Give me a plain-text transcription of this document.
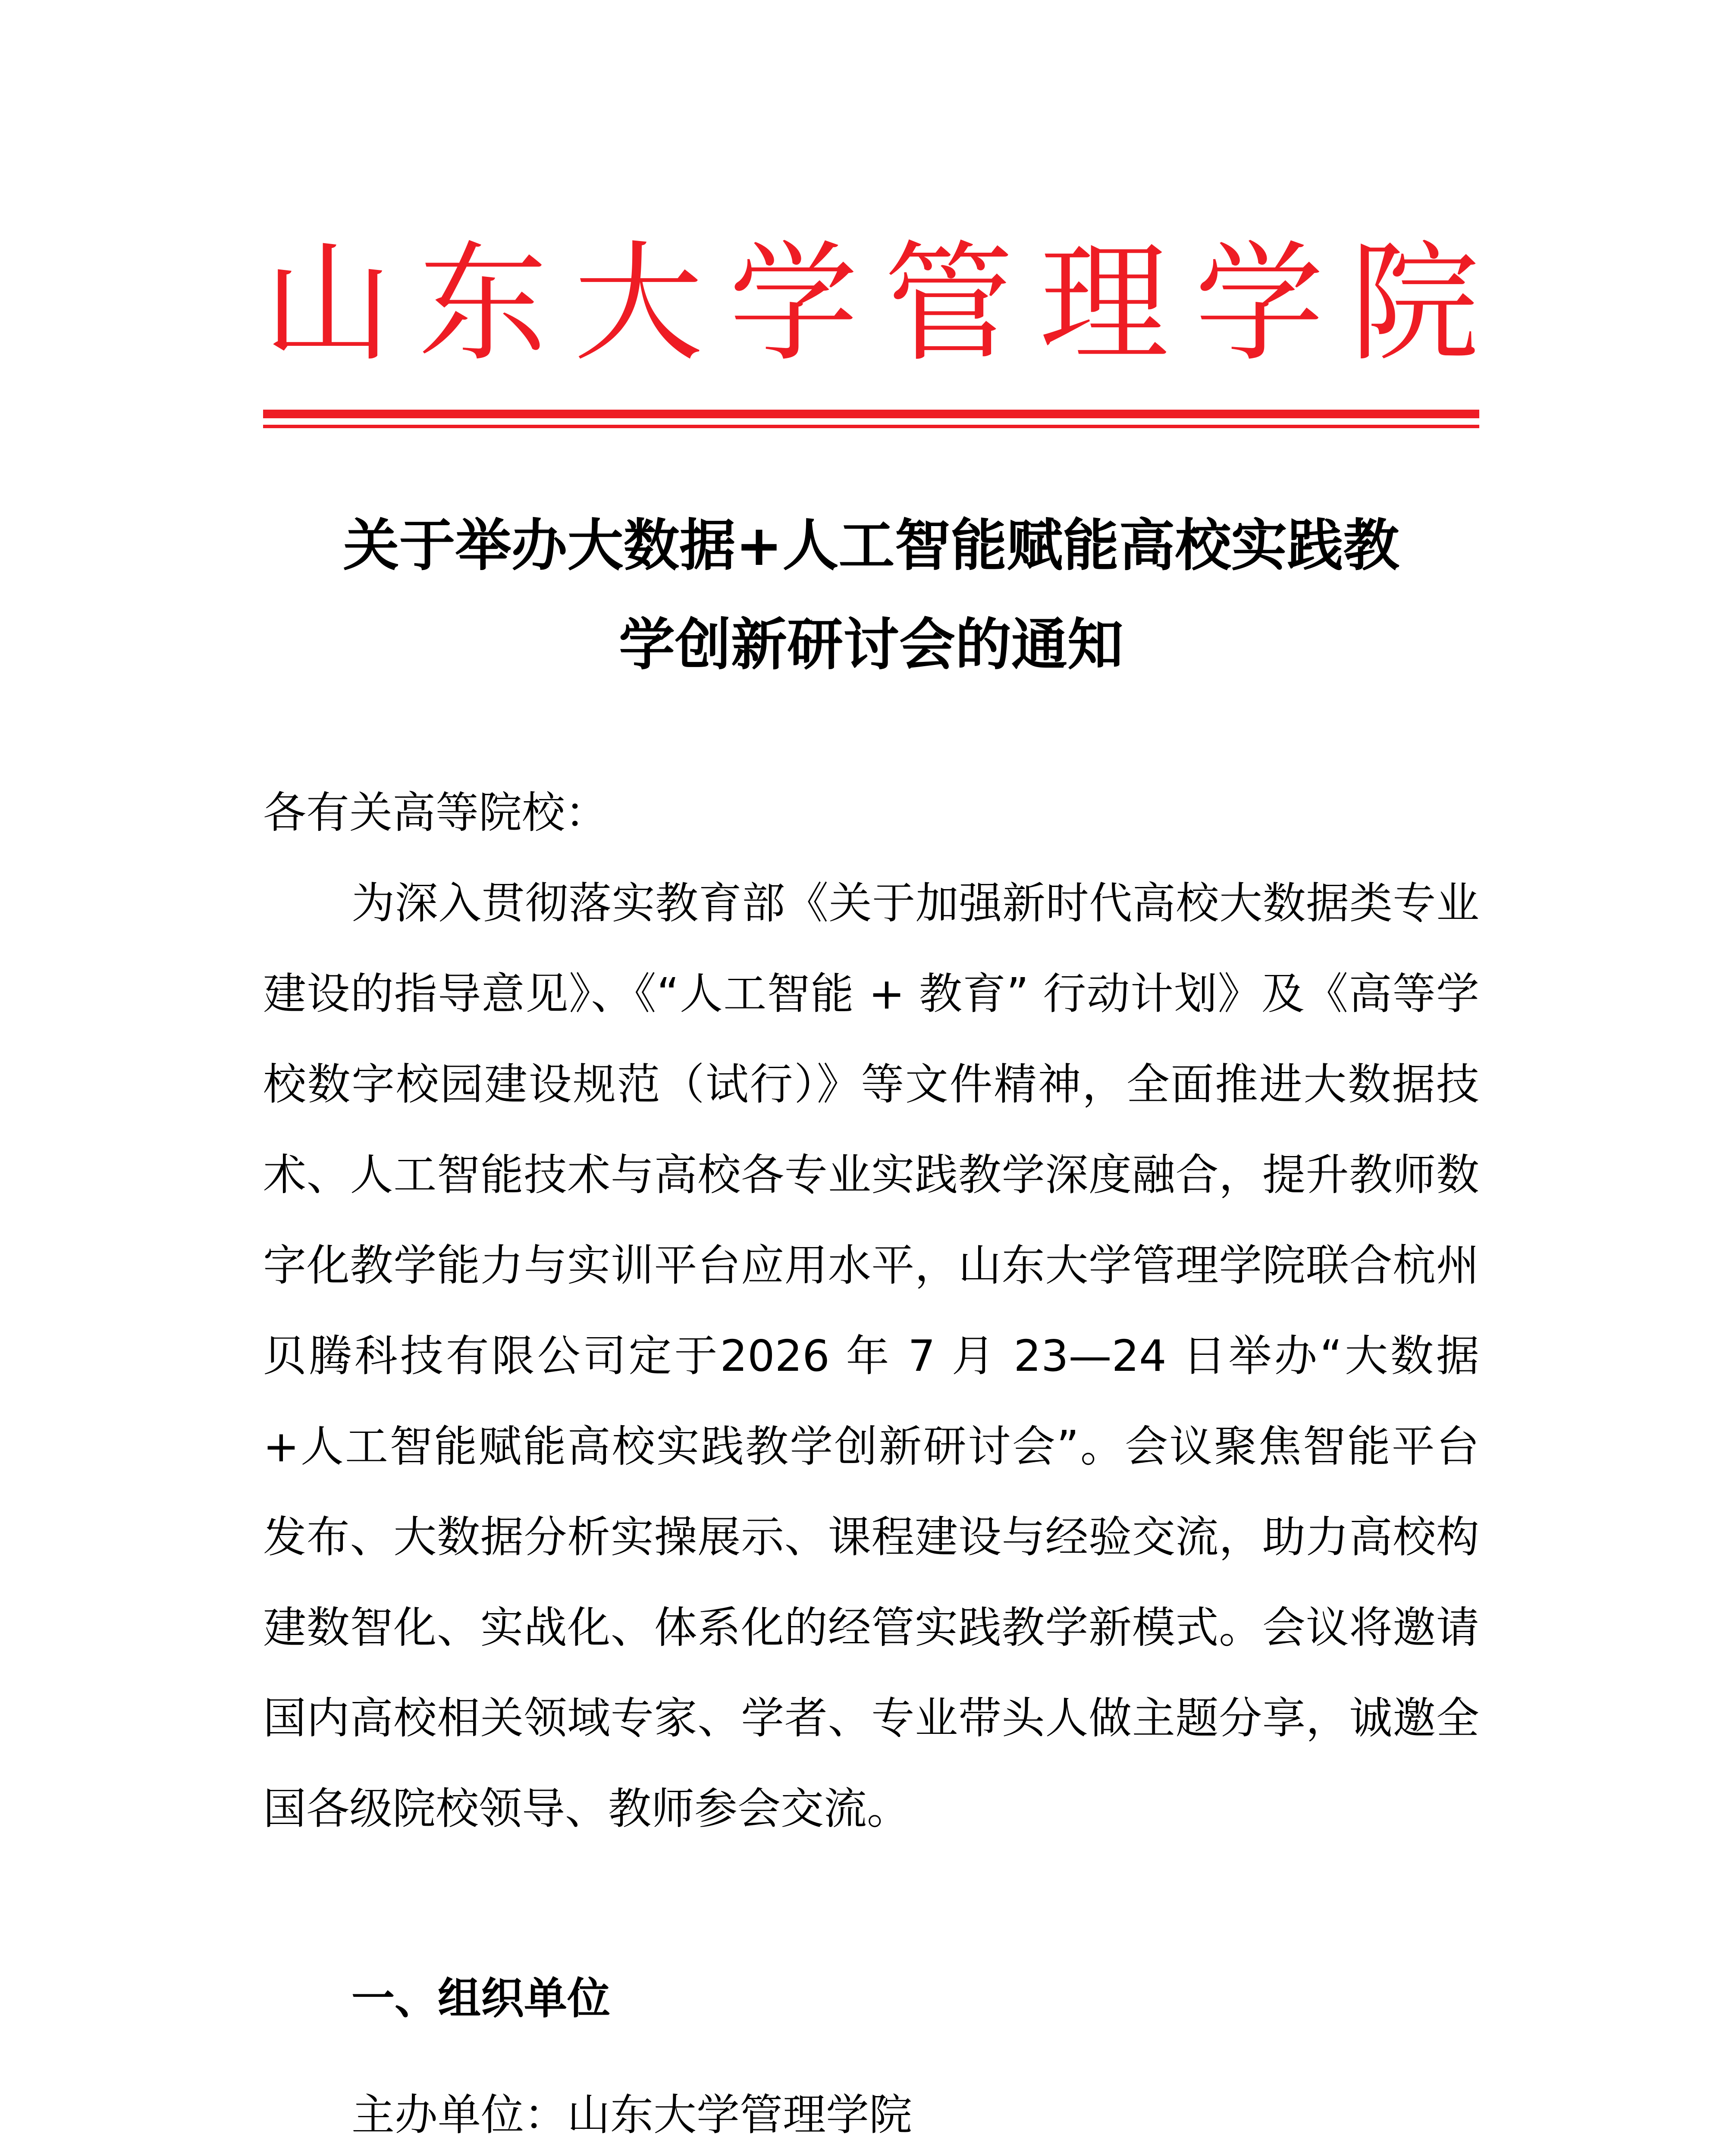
山 东 大 学 管 理 学 院
关于举办大数据+人工智能赋能高校实践教
学创新研讨会的通知

各有关高等院校：

为深入贯彻落实教育部《关于加强新时代高校大数据类专业建设的指导意见》、《“人工智能 + 教育” 行动计划》及《高等学校数字校园建设规范（试行）》等文件精神，全面推进大数据技术、人工智能技术与高校各专业实践教学深度融合，提升教师数字化教学能力与实训平台应用水平，山东大学管理学院联合杭州贝腾科技有限公司定于2026 年 7 月 23—24 日举办“大数据+人工智能赋能高校实践教学创新研讨会”。会议聚焦智能平台发布、大数据分析实操展示、课程建设与经验交流，助力高校构建数智化、实战化、体系化的经管实践教学新模式。会议将邀请国内高校相关领域专家、学者、专业带头人做主题分享，诚邀全国各级院校领导、教师参会交流。

一、组织单位

主办单位：山东大学管理学院
